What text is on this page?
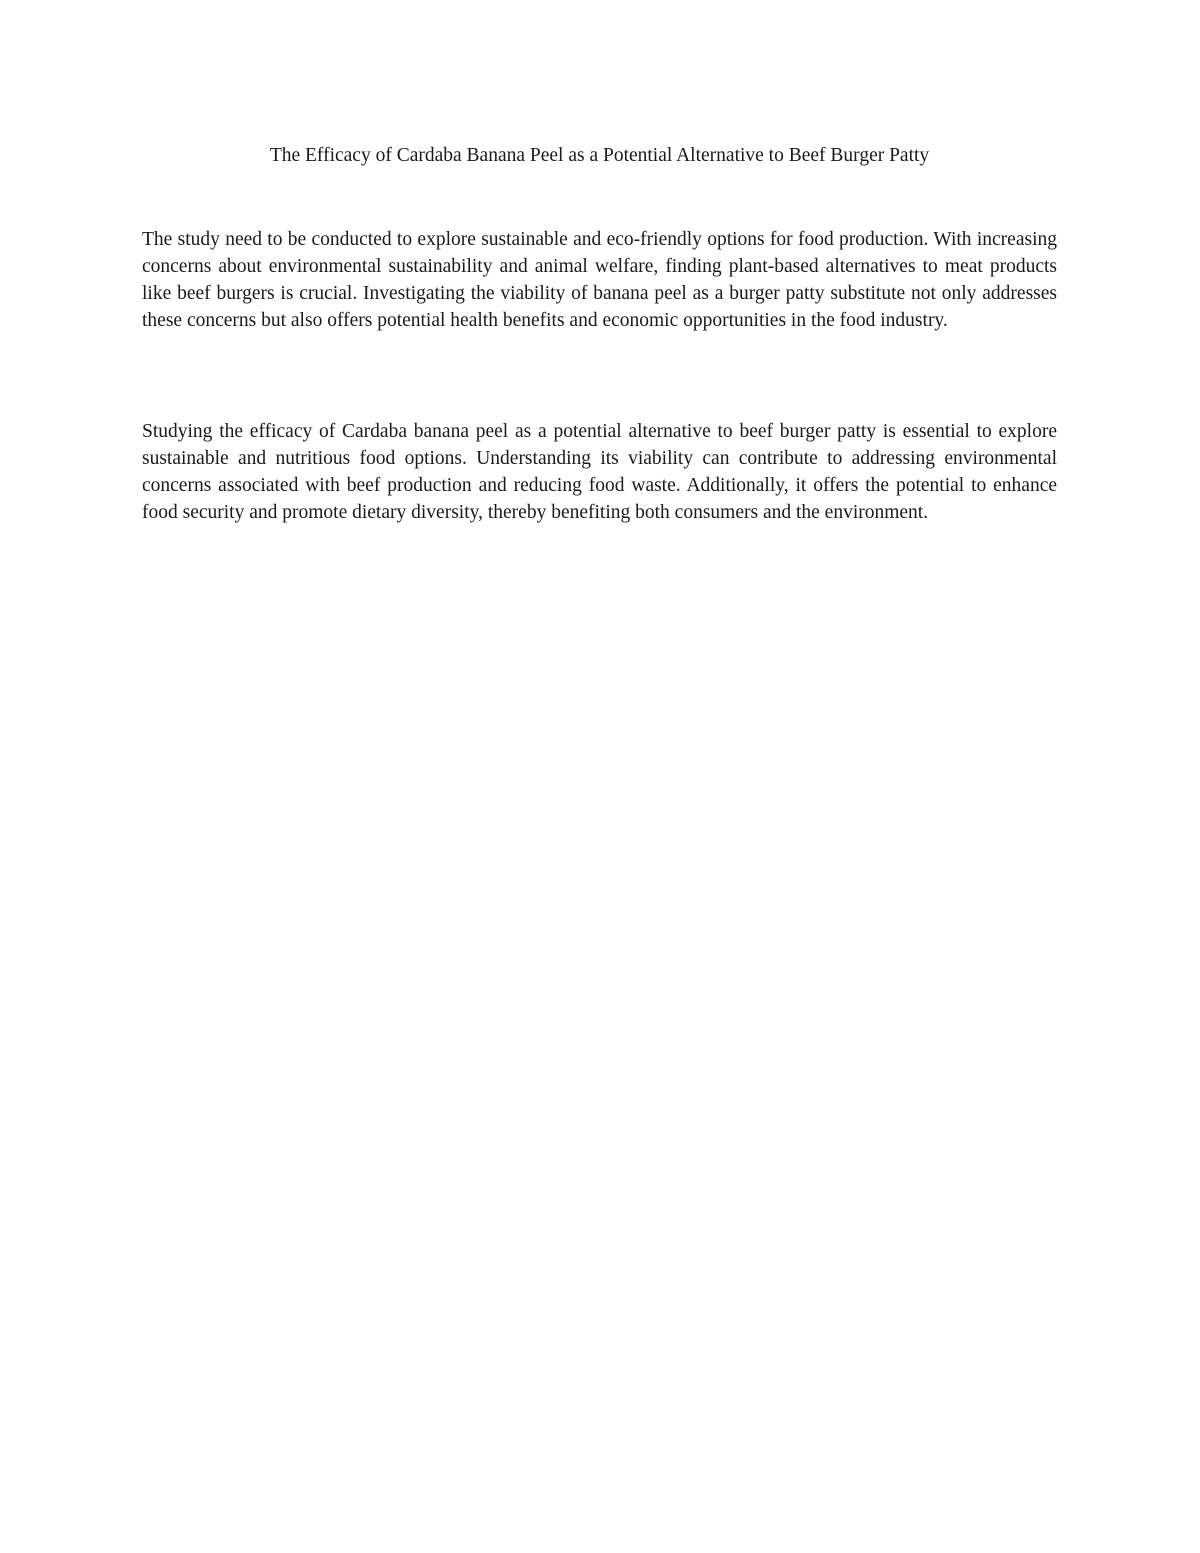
The Efficacy of Cardaba Banana Peel as a Potential Alternative to Beef Burger Patty

The study need to be conducted to explore sustainable and eco-friendly options for food production. With increasing concerns about environmental sustainability and animal welfare, finding plant-based alternatives to meat products like beef burgers is crucial. Investigating the viability of banana peel as a burger patty substitute not only addresses these concerns but also offers potential health benefits and economic opportunities in the food industry.

Studying the efficacy of Cardaba banana peel as a potential alternative to beef burger patty is essential to explore sustainable and nutritious food options. Understanding its viability can contribute to addressing environmental concerns associated with beef production and reducing food waste. Additionally, it offers the potential to enhance food security and promote dietary diversity, thereby benefiting both consumers and the environment.
